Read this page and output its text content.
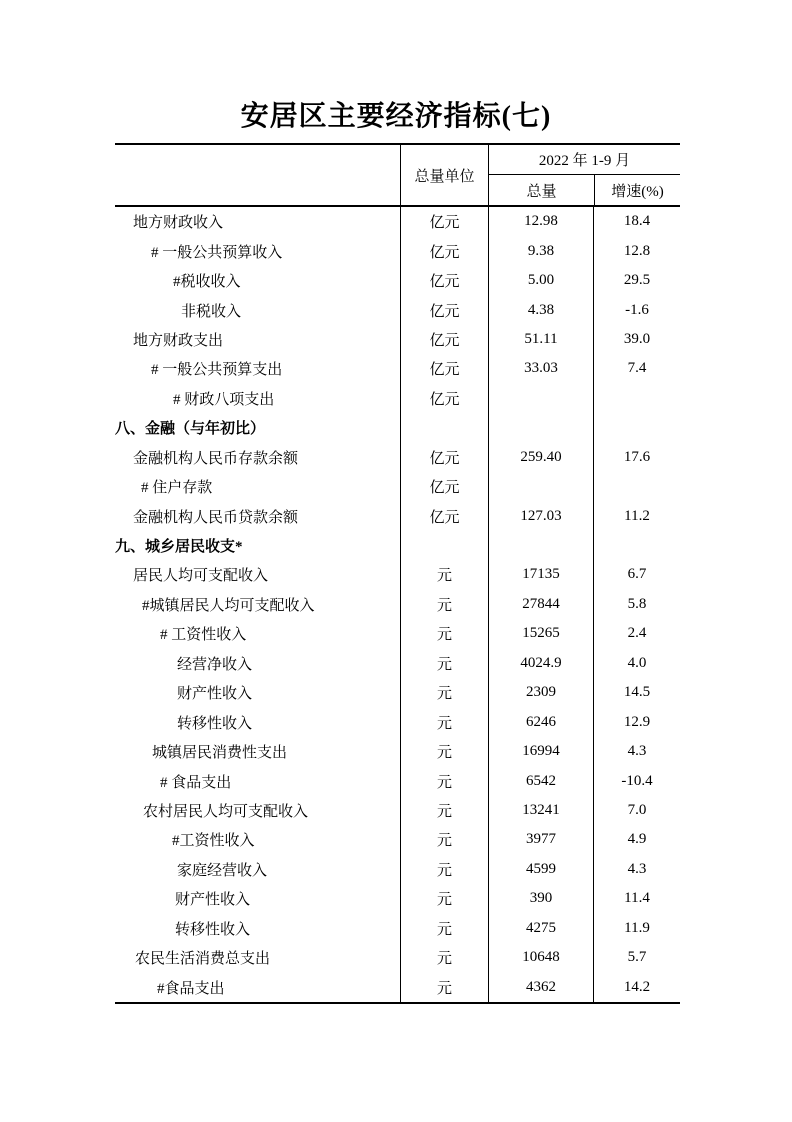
安居区主要经济指标(七)
总量单位
2022 年 1-9 月
总量	增速(%)
地方财政收入	亿元	12.98	18.4
# 一般公共预算收入	亿元	9.38	12.8
#税收收入	亿元	5.00	29.5
非税收入	亿元	4.38	-1.6
地方财政支出	亿元	51.11	39.0
# 一般公共预算支出	亿元	33.03	7.4
# 财政八项支出	亿元
八、金融（与年初比）
金融机构人民币存款余额	亿元	259.40	17.6
# 住户存款	亿元
金融机构人民币贷款余额	亿元	127.03	11.2
九、城乡居民收支*
居民人均可支配收入	元	17135	6.7
#城镇居民人均可支配收入	元	27844	5.8
# 工资性收入	元	15265	2.4
经营净收入	元	4024.9	4.0
财产性收入	元	2309	14.5
转移性收入	元	6246	12.9
城镇居民消费性支出	元	16994	4.3
# 食品支出	元	6542	-10.4
农村居民人均可支配收入	元	13241	7.0
#工资性收入	元	3977	4.9
家庭经营收入	元	4599	4.3
财产性收入	元	390	11.4
转移性收入	元	4275	11.9
农民生活消费总支出	元	10648	5.7
#食品支出	元	4362	14.2
